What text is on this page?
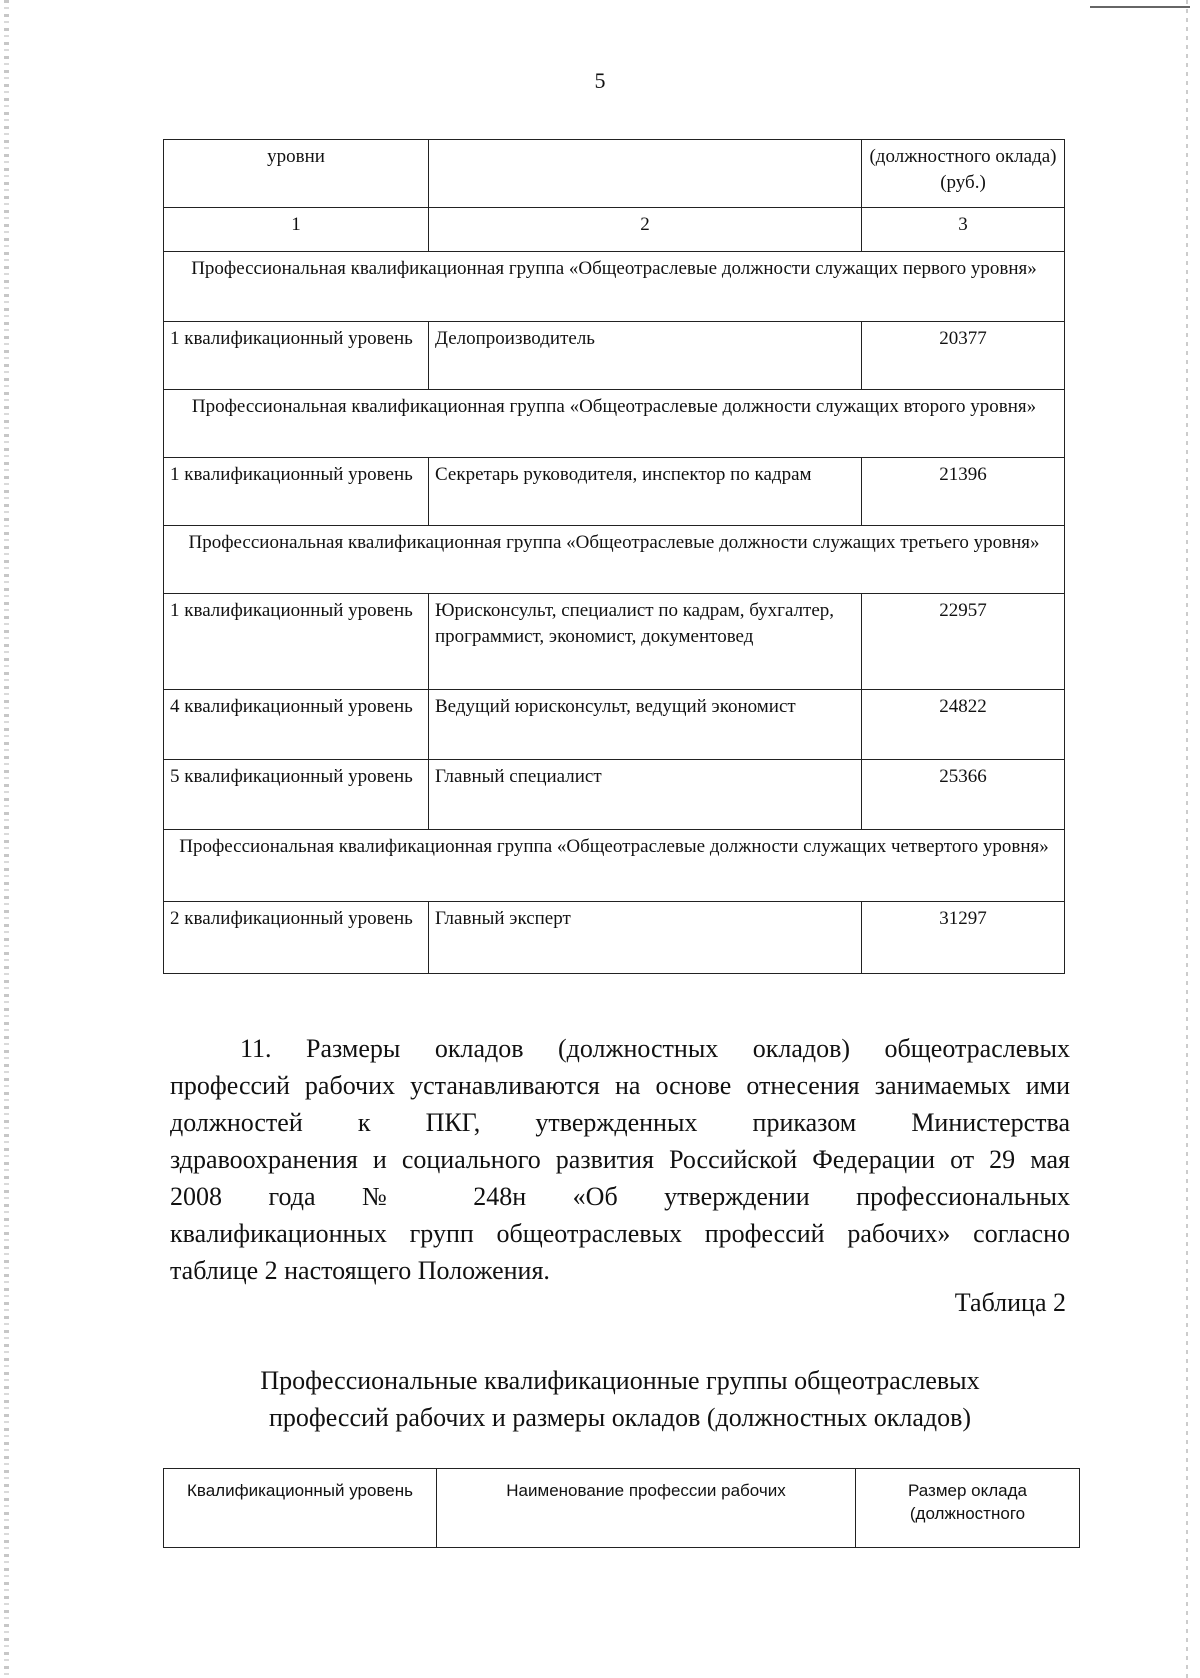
5
уровни		(должностного оклада) (руб.)
1	2	3
Профессиональная квалификационная группа «Общеотраслевые должности служащих первого уровня»		
1 квалификационный уровень	Делопроизводитель	20377
Профессиональная квалификационная группа «Общеотраслевые должности служащих второго уровня»		
1 квалификационный уровень	Секретарь руководителя, инспектор по кадрам	21396
Профессиональная квалификационная группа «Общеотраслевые должности служащих третьего уровня»		
1 квалификационный уровень	Юрисконсульт, специалист по кадрам, бухгалтер, программист, экономист, документовед	22957
4 квалификационный уровень	Ведущий юрисконсульт, ведущий экономист	24822
5 квалификационный уровень	Главный специалист	25366
Профессиональная квалификационная группа «Общеотраслевые должности служащих четвертого уровня»		
2 квалификационный уровень	Главный эксперт	31297
11. Размеры окладов (должностных окладов) общеотраслевых
профессий рабочих устанавливаются на основе отнесения занимаемых ими
должностей к ПКГ, утвержденных приказом Министерства
здравоохранения и социального развития Российской Федерации от 29 мая
2008 года № 248н «Об утверждении профессиональных
квалификационных групп общеотраслевых профессий рабочих» согласно
таблице 2 настоящего Положения.
Таблица 2
Профессиональные квалификационные группы общеотраслевых
профессий рабочих и размеры окладов (должностных окладов)
Квалификационный уровень	Наименование профессии рабочих	Размер оклада (должностного
